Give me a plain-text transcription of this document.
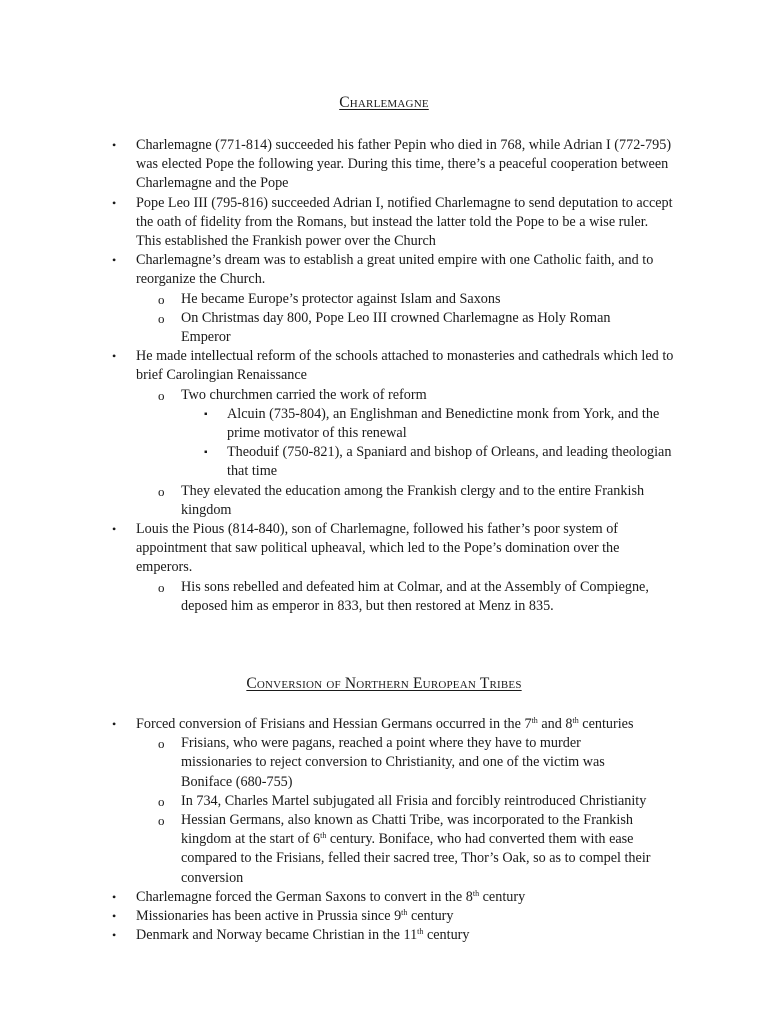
Charlemagne
• Charlemagne (771-814) succeeded his father Pepin who died in 768, while Adrian I (772-795) was elected Pope the following year. During this time, there’s a peaceful cooperation between Charlemagne and the Pope
• Pope Leo III (795-816) succeeded Adrian I, notified Charlemagne to send deputation to accept the oath of fidelity from the Romans, but instead the latter told the Pope to be a wise ruler. This established the Frankish power over the Church
• Charlemagne’s dream was to establish a great united empire with one Catholic faith, and to reorganize the Church.
o He became Europe’s protector against Islam and Saxons
o On Christmas day 800, Pope Leo III crowned Charlemagne as Holy Roman Emperor
• He made intellectual reform of the schools attached to monasteries and cathedrals which led to brief Carolingian Renaissance
o Two churchmen carried the work of reform
▪ Alcuin (735-804), an Englishman and Benedictine monk from York, and the prime motivator of this renewal
▪ Theoduif (750-821), a Spaniard and bishop of Orleans, and leading theologian that time
o They elevated the education among the Frankish clergy and to the entire Frankish kingdom
• Louis the Pious (814-840), son of Charlemagne, followed his father’s poor system of appointment that saw political upheaval, which led to the Pope’s domination over the emperors.
o His sons rebelled and defeated him at Colmar, and at the Assembly of Compiegne, deposed him as emperor in 833, but then restored at Menz in 835.
Conversion of Northern European Tribes
• Forced conversion of Frisians and Hessian Germans occurred in the 7th and 8th centuries
o Frisians, who were pagans, reached a point where they have to murder missionaries to reject conversion to Christianity, and one of the victim was Boniface (680-755)
o In 734, Charles Martel subjugated all Frisia and forcibly reintroduced Christianity
o Hessian Germans, also known as Chatti Tribe, was incorporated to the Frankish kingdom at the start of 6th century. Boniface, who had converted them with ease compared to the Frisians, felled their sacred tree, Thor’s Oak, so as to compel their conversion
• Charlemagne forced the German Saxons to convert in the 8th century
• Missionaries has been active in Prussia since 9th century
• Denmark and Norway became Christian in the 11th century
